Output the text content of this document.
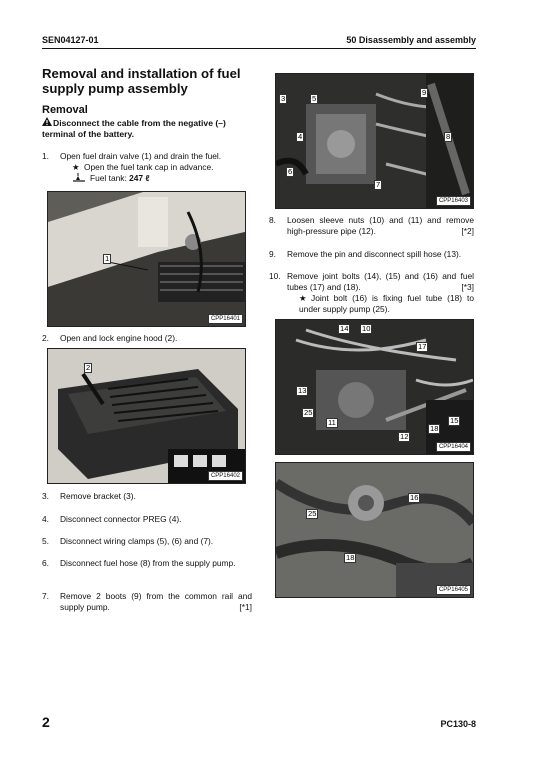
SEN04127-01	50 Disassembly and assembly
Removal and installation of fuel supply pump assembly
Removal
Disconnect the cable from the negative (–) terminal of the battery.
1. Open fuel drain valve (1) and drain the fuel.
★ Open the fuel tank cap in advance.
Fuel tank: 247 ℓ
1
CPP16401
2. Open and lock engine hood (2).
2
CPP16402
3. Remove bracket (3).
4. Disconnect connector PREG (4).
5. Disconnect wiring clamps (5), (6) and (7).
6. Disconnect fuel hose (8) from the supply pump.
7. Remove 2 boots (9) from the common rail and supply pump.	[*1]
3	5
9
4	8
6
7
CPP16403
8. Loosen sleeve nuts (10) and (11) and remove high-pressure pipe (12).	[*2]
9. Remove the pin and disconnect spill hose (13).
10. Remove joint bolts (14), (15) and (16) and fuel tubes (17) and (18).	[*3]
★ Joint bolt (16) is fixing fuel tube (18) to under supply pump (25).
14 10
17
13
25
11
12
18
15
CPP16404
16
25
18
CPP16405
2	PC130-8
